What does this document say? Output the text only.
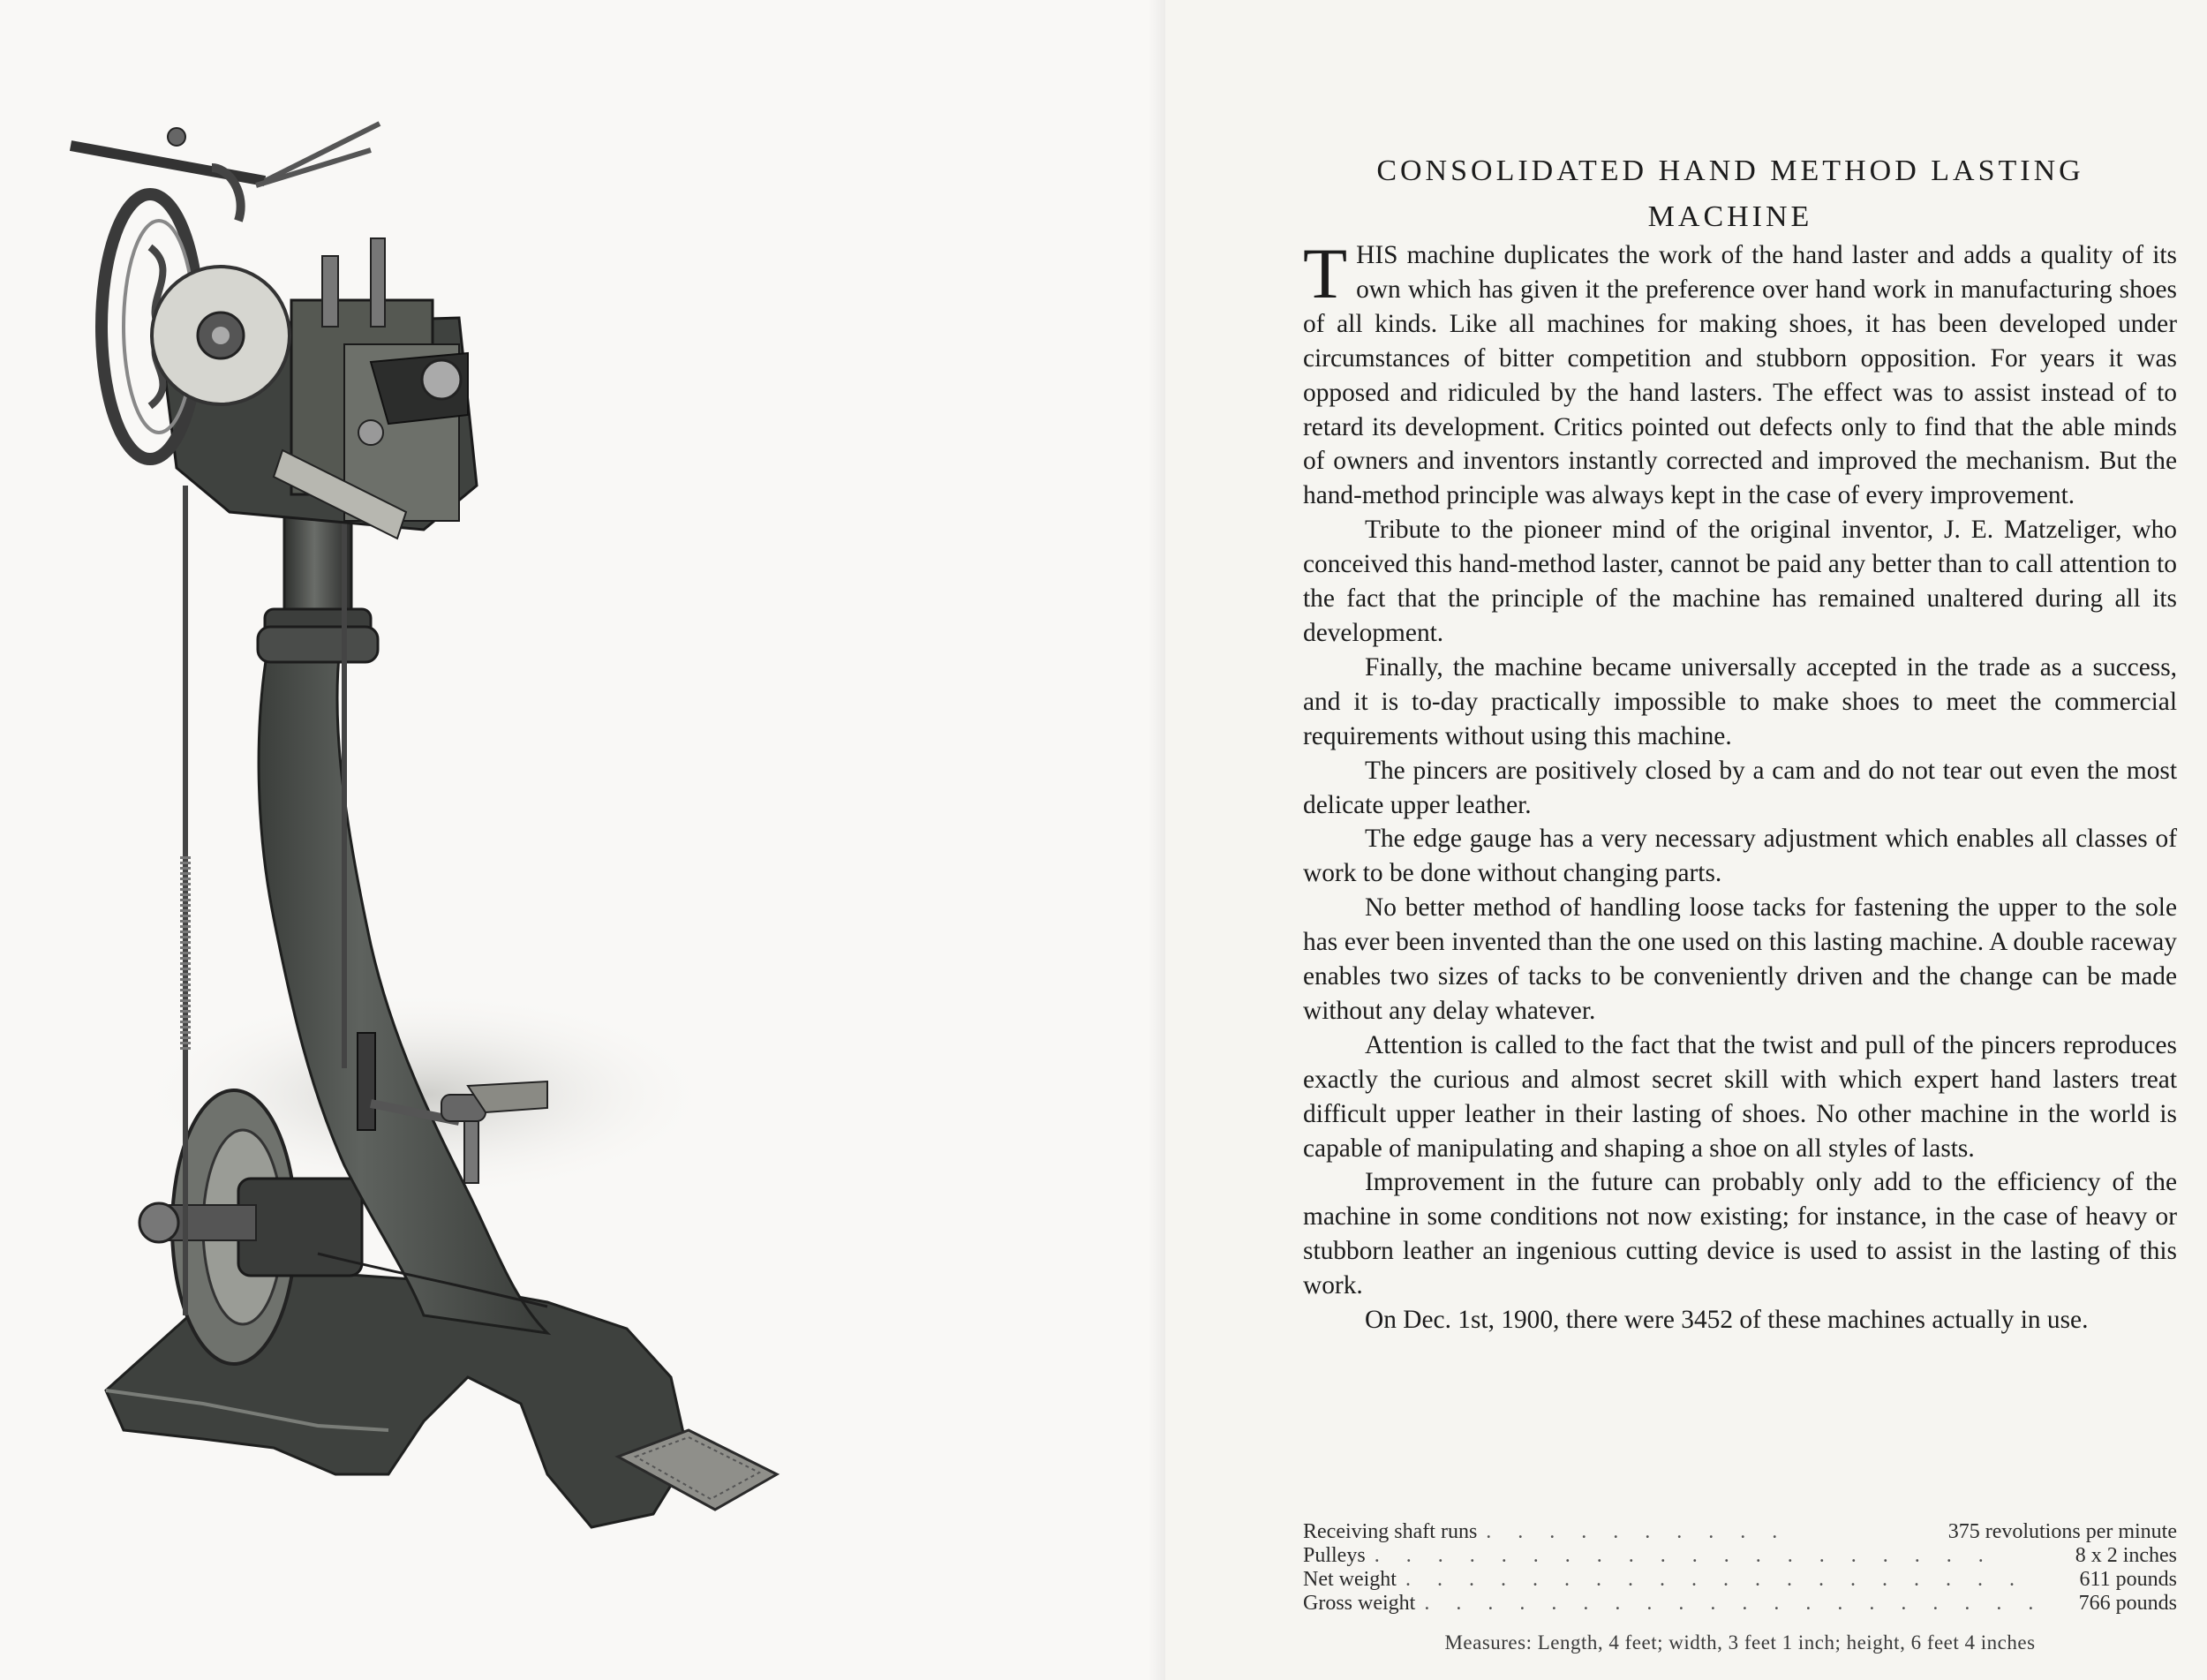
CONSOLIDATED HAND METHOD LASTING
MACHINE

THIS machine duplicates the work of the hand laster and adds a quality of its own which has given it the preference over hand work in manufacturing shoes of all kinds. Like all machines for making shoes, it has been developed under circumstances of bitter competition and stubborn opposition. For years it was opposed and ridiculed by the hand lasters. The effect was to assist instead of to retard its development. Critics pointed out defects only to find that the able minds of owners and inventors instantly corrected and improved the mechanism. But the hand-method principle was always kept in the case of every improvement.

Tribute to the pioneer mind of the original inventor, J. E. Matzeliger, who conceived this hand-method laster, cannot be paid any better than to call attention to the fact that the principle of the machine has remained unaltered during all its development.

Finally, the machine became universally accepted in the trade as a success, and it is to-day practically impossible to make shoes to meet the commercial requirements without using this machine.

The pincers are positively closed by a cam and do not tear out even the most delicate upper leather.

The edge gauge has a very necessary adjustment which enables all classes of work to be done without changing parts.

No better method of handling loose tacks for fastening the upper to the sole has ever been invented than the one used on this lasting machine. A double raceway enables two sizes of tacks to be conveniently driven and the change can be made without any delay whatever.

Attention is called to the fact that the twist and pull of the pincers reproduces exactly the curious and almost secret skill with which expert hand lasters treat difficult upper leather in their lasting of shoes. No other machine in the world is capable of manipulating and shaping a shoe on all styles of lasts.

Improvement in the future can probably only add to the efficiency of the machine in some conditions not now existing; for instance, in the case of heavy or stubborn leather an ingenious cutting device is used to assist in the lasting of this work.

On Dec. 1st, 1900, there were 3452 of these machines actually in use.

Receiving shaft runs ..........	375 revolutions per minute
Pulleys ....................	8 x 2 inches
Net weight ....................	611 pounds
Gross weight .................... 766 pounds
Measures: Length, 4 feet; width, 3 feet 1 inch; height, 6 feet 4 inches
